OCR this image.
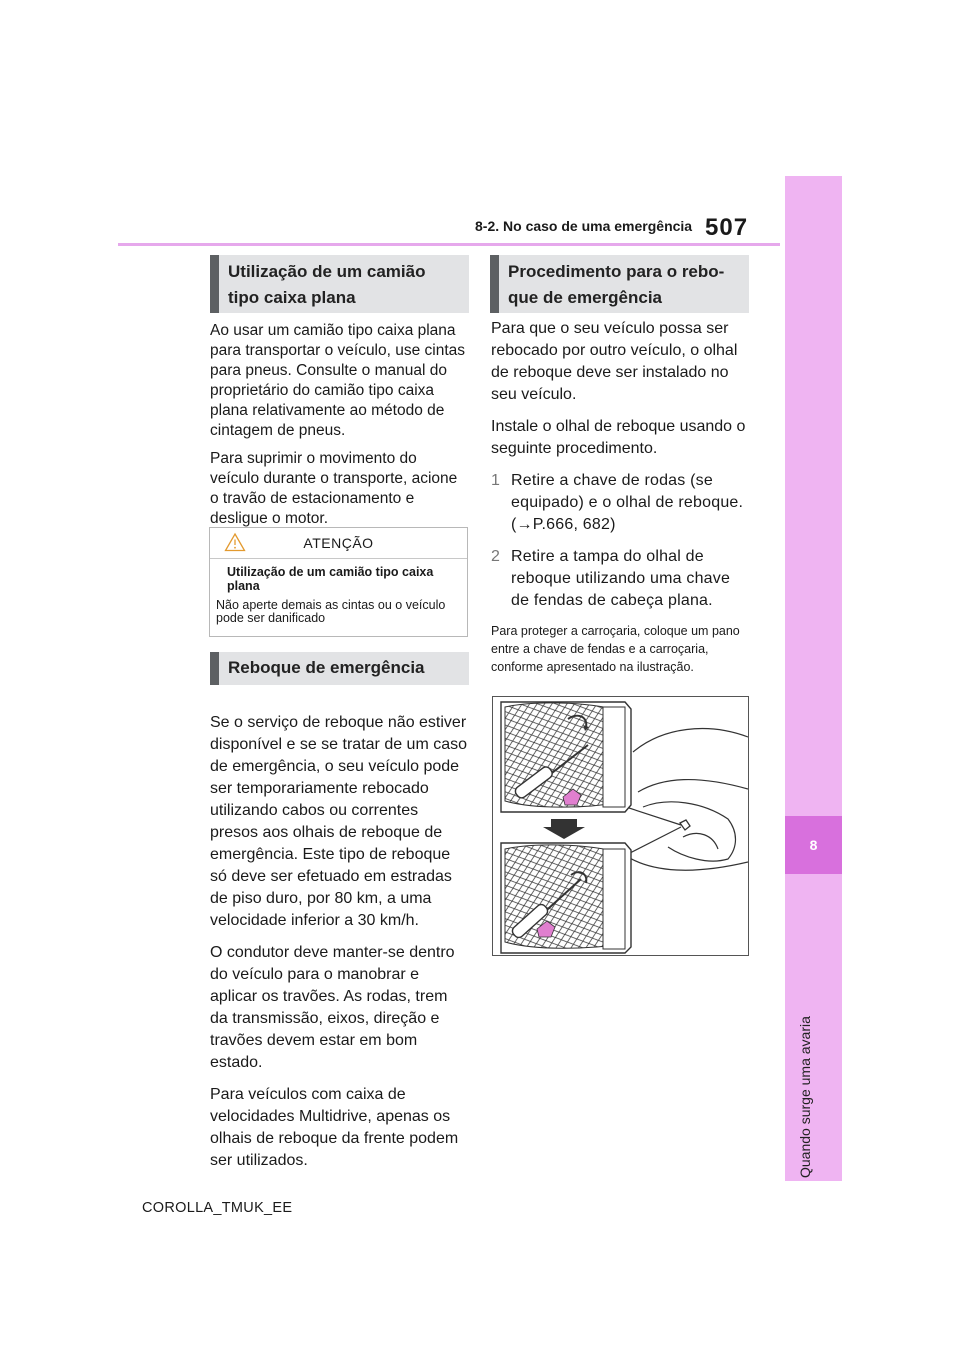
8-2. No caso de uma emergência 507
8
Quando surge uma avaria
Utilização de um camião
tipo caixa plana

Ao usar um camião tipo caixa plana para transportar o veículo, use cintas para pneus. Consulte o manual do proprietário do camião tipo caixa plana relativamente ao método de cintagem de pneus.

Para suprimir o movimento do veículo durante o transporte, acione o travão de estacionamento e desligue o motor.

ATENÇÃO
Utilização de um camião tipo caixa plana
Não aperte demais as cintas ou o veículo pode ser danificado
Reboque de emergência

Se o serviço de reboque não estiver disponível e se se tratar de um caso de emergência, o seu veículo pode ser temporariamente rebocado utilizando cabos ou correntes presos aos olhais de reboque de emergência. Este tipo de reboque só deve ser efetuado em estradas de piso duro, por 80 km, a uma velocidade inferior a 30 km/h.

O condutor deve manter-se dentro do veículo para o manobrar e aplicar os travões. As rodas, trem da transmissão, eixos, direção e travões devem estar em bom estado.

Para veículos com caixa de velocidades Multidrive, apenas os olhais de reboque da frente podem ser utilizados.

Procedimento para o rebo-
que de emergência

Para que o seu veículo possa ser rebocado por outro veículo, o olhal de reboque deve ser instalado no seu veículo.

Instale o olhal de reboque usando o seguinte procedimento.

1 Retire a chave de rodas (se equipado) e o olhal de reboque. (→P.666, 682)
2 Retire a tampa do olhal de reboque utilizando uma chave de fendas de cabeça plana.
Para proteger a carroçaria, coloque um pano entre a chave de fendas e a carroçaria, conforme apresentado na ilustração.
COROLLA_TMUK_EE
